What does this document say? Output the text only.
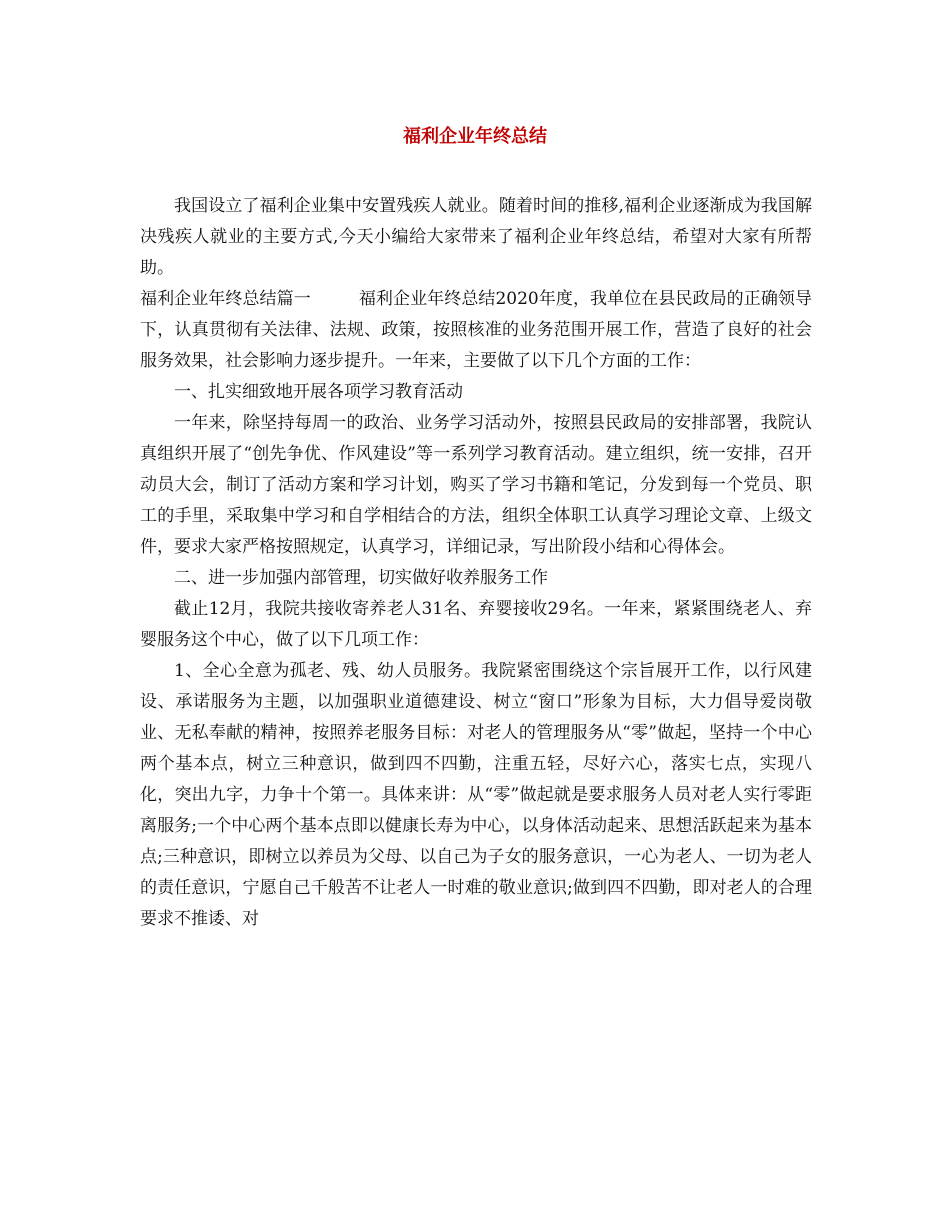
福利企业年终总结

我国设立了福利企业集中安置残疾人就业。随着时间的推移,福利企业逐渐成为我国解决残疾人就业的主要方式,今天小编给大家带来了福利企业年终总结，希望对大家有所帮助。

福利企业年终总结篇一	福利企业年终总结2020年度，我单位在县民政局的正确领导下，认真贯彻有关法律、法规、政策，按照核准的业务范围开展工作，营造了良好的社会服务效果，社会影响力逐步提升。一年来，主要做了以下几个方面的工作：

一、扎实细致地开展各项学习教育活动

一年来，除坚持每周一的政治、业务学习活动外，按照县民政局的安排部署，我院认真组织开展了“创先争优、作风建设”等一系列学习教育活动。建立组织，统一安排，召开动员大会，制订了活动方案和学习计划，购买了学习书籍和笔记，分发到每一个党员、职工的手里，采取集中学习和自学相结合的方法，组织全体职工认真学习理论文章、上级文件，要求大家严格按照规定，认真学习，详细记录，写出阶段小结和心得体会。

二、进一步加强内部管理，切实做好收养服务工作

截止12月，我院共接收寄养老人31名、弃婴接收29名。一年来，紧紧围绕老人、弃婴服务这个中心，做了以下几项工作：

1、全心全意为孤老、残、幼人员服务。我院紧密围绕这个宗旨展开工作，以行风建设、承诺服务为主题，以加强职业道德建设、树立“窗口”形象为目标，大力倡导爱岗敬业、无私奉献的精神，按照养老服务目标：对老人的管理服务从“零”做起，坚持一个中心两个基本点，树立三种意识，做到四不四勤，注重五轻，尽好六心，落实七点，实现八化，突出九字，力争十个第一。具体来讲：从“零”做起就是要求服务人员对老人实行零距离服务;一个中心两个基本点即以健康长寿为中心，以身体活动起来、思想活跃起来为基本点;三种意识，即树立以养员为父母、以自己为子女的服务意识，一心为老人、一切为老人的责任意识，宁愿自己千般苦不让老人一时难的敬业意识;做到四不四勤，即对老人的合理要求不推诿、对
